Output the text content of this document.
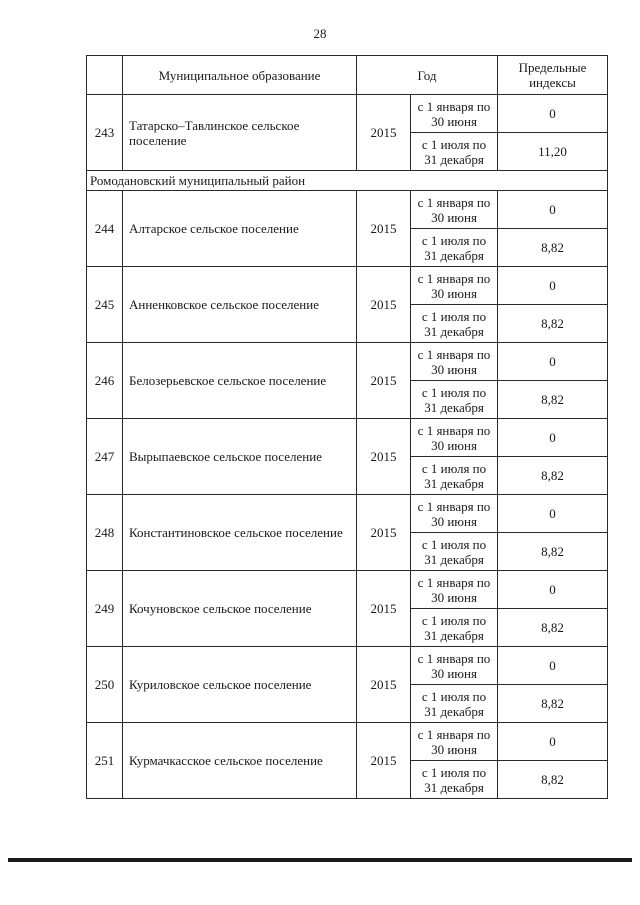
28
	Муниципальное образование	Год		Предельные индексы
243	Татарско–Тавлинское сельское поселение	2015	с 1 января по 30 июня	0
			с 1 июля по 31 декабря	11,20
Ромодановский муниципальный район				
244	Алтарское сельское поселение	2015	с 1 января по 30 июня	0
			с 1 июля по 31 декабря	8,82
245	Анненковское сельское поселение	2015	с 1 января по 30 июня	0
			с 1 июля по 31 декабря	8,82
246	Белозерьевское сельское поселение	2015	с 1 января по 30 июня	0
			с 1 июля по 31 декабря	8,82
247	Вырыпаевское сельское поселение	2015	с 1 января по 30 июня	0
			с 1 июля по 31 декабря	8,82
248	Константиновское сельское поселение	2015	с 1 января по 30 июня	0
			с 1 июля по 31 декабря	8,82
249	Кочуновское сельское поселение	2015	с 1 января по 30 июня	0
			с 1 июля по 31 декабря	8,82
250	Куриловское сельское поселение	2015	с 1 января по 30 июня	0
			с 1 июля по 31 декабря	8,82
251	Курмачкасское сельское поселение	2015	с 1 января по 30 июня	0
			с 1 июля по 31 декабря	8,82
